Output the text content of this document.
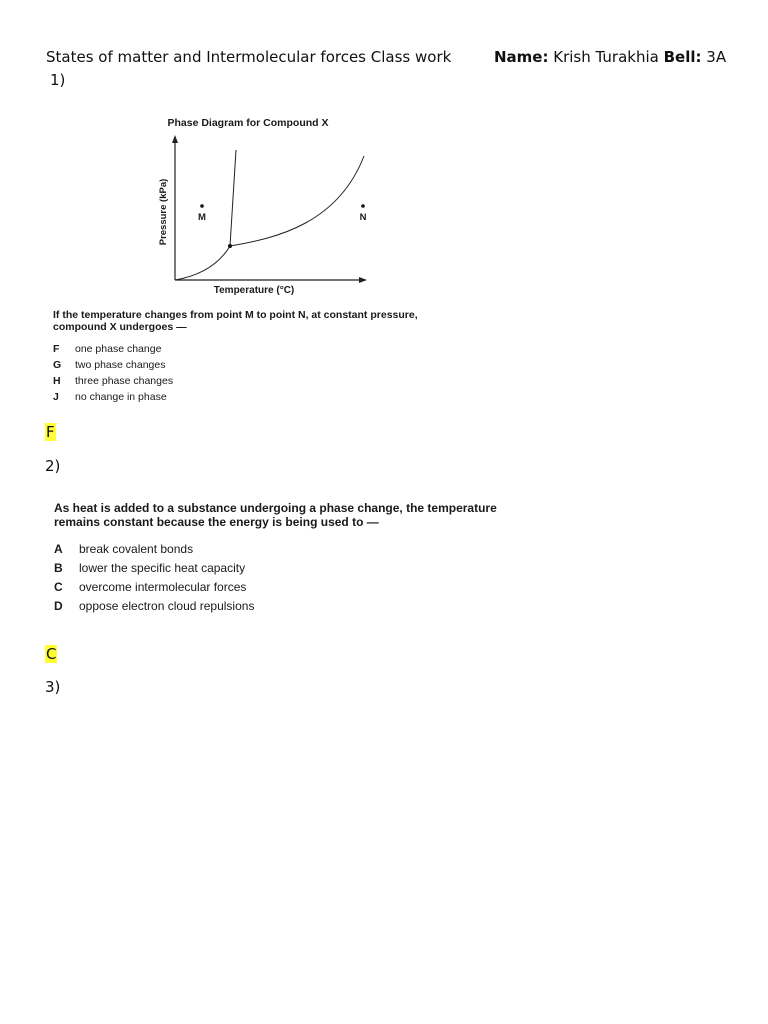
States of matter and Intermolecular forces Class work	Name: Krish Turakhia Bell: 3A
1)
Phase Diagram for Compound X
Pressure (kPa)
Temperature (°C)
M	N
If the temperature changes from point M to point N, at constant pressure,
compound X undergoes —
F one phase change
G two phase changes
H three phase changes
J no change in phase
F
2)
As heat is added to a substance undergoing a phase change, the temperature
remains constant because the energy is being used to —
A break covalent bonds
B lower the specific heat capacity
C overcome intermolecular forces
D oppose electron cloud repulsions
C
3)
